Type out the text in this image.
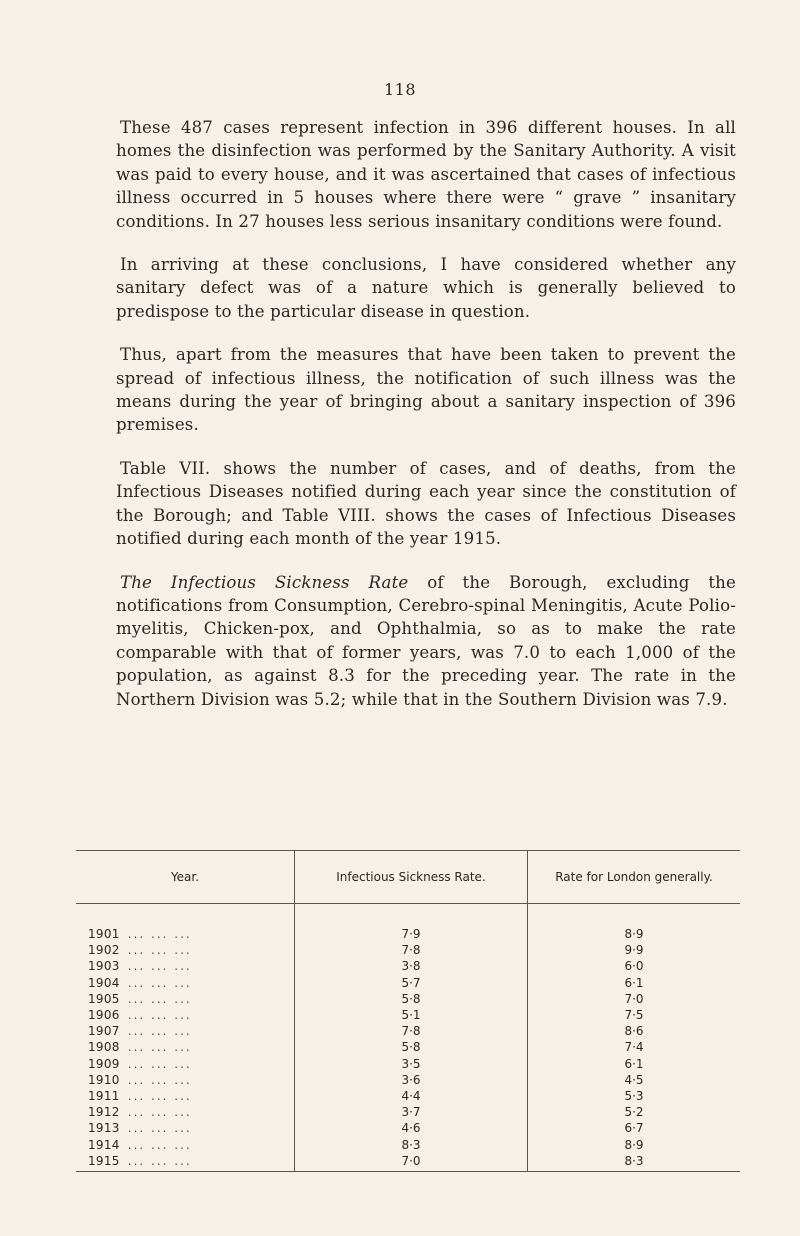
118

These 487 cases represent infection in 396 different houses. In all homes the disinfection was performed by the Sanitary Authority. A visit was paid to every house, and it was ascertained that cases of infectious illness occurred in 5 houses where there were “ grave ” insanitary conditions. In 27 houses less serious insanitary conditions were found.

In arriving at these conclusions, I have considered whether any sanitary defect was of a nature which is generally believed to predispose to the particular disease in question.

Thus, apart from the measures that have been taken to prevent the spread of infectious illness, the notification of such illness was the means during the year of bringing about a sanitary inspection of 396 premises.

Table VII. shows the number of cases, and of deaths, from the Infectious Diseases notified during each year since the constitution of the Borough; and Table VIII. shows the cases of Infectious Diseases notified during each month of the year 1915.

The Infectious Sickness Rate of the Borough, excluding the notifications from Consumption, Cerebro-spinal Meningitis, Acute Polio-myelitis, Chicken-pox, and Ophthalmia, so as to make the rate comparable with that of former years, was 7.0 to each 1,000 of the population, as against 8.3 for the preceding year. The rate in the Northern Division was 5.2; while that in the Southern Division was 7.9.

Year.	Infectious Sickness Rate.	Rate for London generally.

1901 ... ... ...	7·9	8·9
1902 ... ... ...	7·8	9·9
1903 ... ... ...	3·8	6·0
1904 ... ... ...	5·7	6·1
1905 ... ... ...	5·8	7·0
1906 ... ... ...	5·1	7·5
1907 ... ... ...	7·8	8·6
1908 ... ... ...	5·8	7·4
1909 ... ... ...	3·5	6·1
1910 ... ... ...	3·6	4·5
1911 ... ... ...	4·4	5·3
1912 ... ... ...	3·7	5·2
1913 ... ... ...	4·6	6·7
1914 ... ... ...	8·3	8·9
1915 ... ... ...	7·0	8·3
